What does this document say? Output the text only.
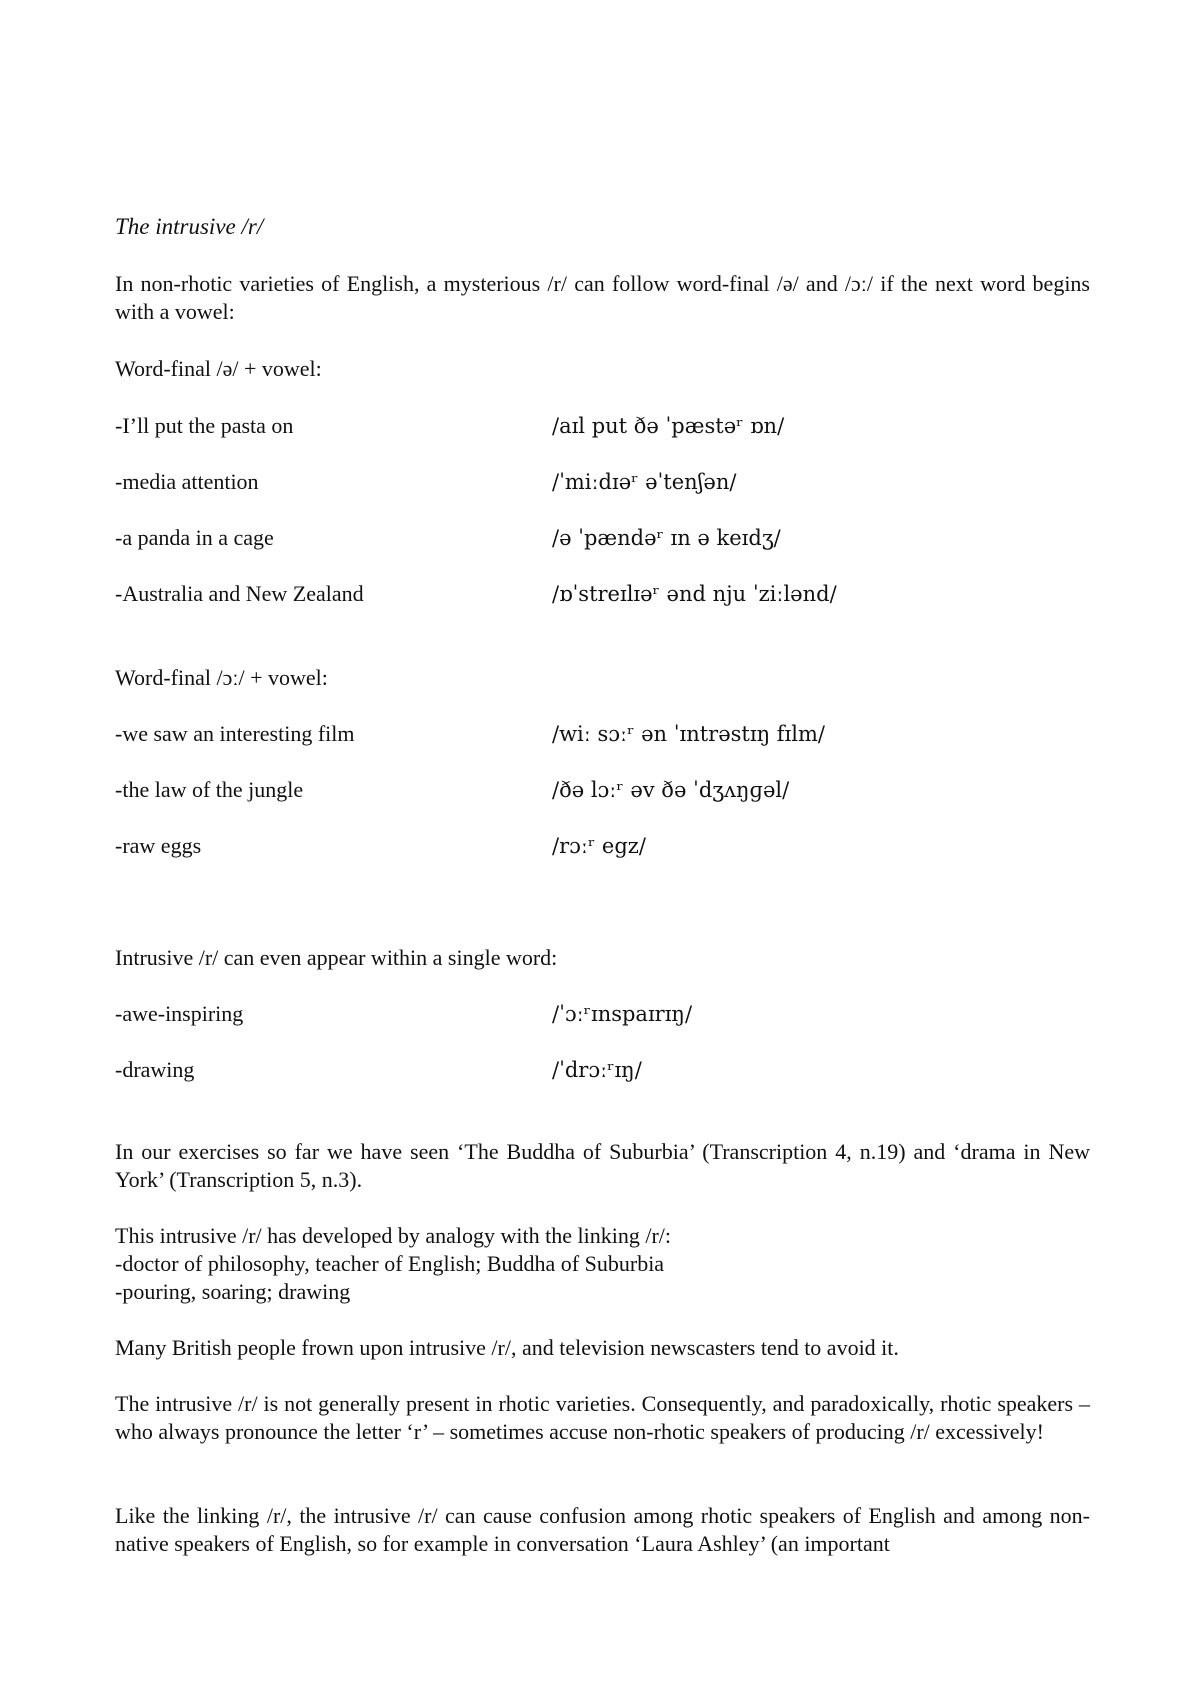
The intrusive /r/

In non-rhotic varieties of English, a mysterious /r/ can follow word-final /ə/ and /ɔː/ if the next word begins with a vowel:

Word-final /ə/ + vowel:
-I’ll put the pasta on	/aɪl put ðə ˈpæstəʳ ɒn/
-media attention	/ˈmiːdɪəʳ əˈtenʃən/
-a panda in a cage	/ə ˈpændəʳ ɪn ə keɪdʒ/
-Australia and New Zealand	/ɒˈstreɪlɪəʳ ənd nju ˈziːlənd/
Word-final /ɔː/ + vowel:
-we saw an interesting film	/wiː sɔːʳ ən ˈɪntrəstɪŋ fɪlm/
-the law of the jungle	/ðə lɔːʳ əv ðə ˈdʒʌŋɡəl/
-raw eggs	/rɔːʳ egz/
Intrusive /r/ can even appear within a single word:
-awe-inspiring	/ˈɔːʳɪnspaɪrɪŋ/
-drawing	/ˈdrɔːʳɪŋ/

In our exercises so far we have seen ‘The Buddha of Suburbia’ (Transcription 4, n.19) and ‘drama in New York’ (Transcription 5, n.3).

This intrusive /r/ has developed by analogy with the linking /r/:
-doctor of philosophy, teacher of English; Buddha of Suburbia
-pouring, soaring; drawing

Many British people frown upon intrusive /r/, and television newscasters tend to avoid it.

The intrusive /r/ is not generally present in rhotic varieties. Consequently, and paradoxically, rhotic speakers – who always pronounce the letter ‘r’ – sometimes accuse non-rhotic speakers of producing /r/ excessively!

Like the linking /r/, the intrusive /r/ can cause confusion among rhotic speakers of English and among non-native speakers of English, so for example in conversation ‘Laura Ashley’ (an important
